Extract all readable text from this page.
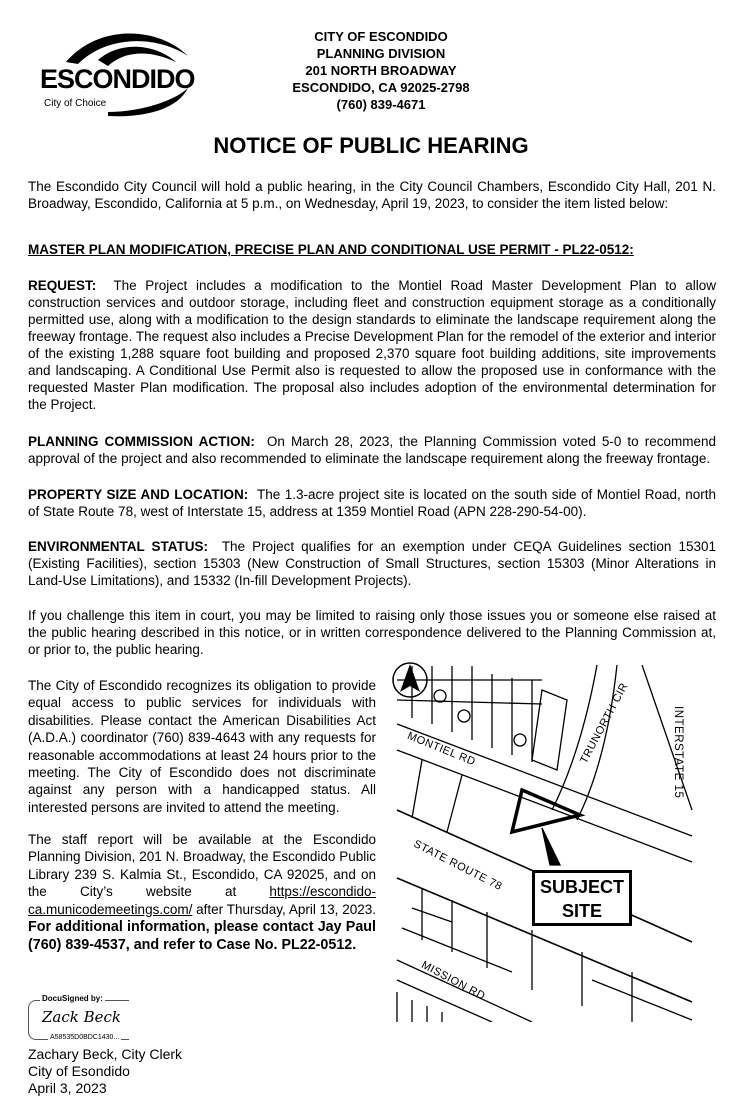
ESCONDIDO
City of Choice
CITY OF ESCONDIDO
PLANNING DIVISION
201 NORTH BROADWAY
ESCONDIDO, CA 92025-2798
(760) 839-4671
NOTICE OF PUBLIC HEARING
The Escondido City Council will hold a public hearing, in the City Council Chambers, Escondido City Hall, 201 N. Broadway, Escondido, California at 5 p.m., on Wednesday, April 19, 2023, to consider the item listed below:
MASTER PLAN MODIFICATION, PRECISE PLAN AND CONDITIONAL USE PERMIT - PL22-0512:
REQUEST: The Project includes a modification to the Montiel Road Master Development Plan to allow construction services and outdoor storage, including fleet and construction equipment storage as a conditionally permitted use, along with a modification to the design standards to eliminate the landscape requirement along the freeway frontage. The request also includes a Precise Development Plan for the remodel of the exterior and interior of the existing 1,288 square foot building and proposed 2,370 square foot building additions, site improvements and landscaping. A Conditional Use Permit also is requested to allow the proposed use in conformance with the requested Master Plan modification. The proposal also includes adoption of the environmental determination for the Project.
PLANNING COMMISSION ACTION: On March 28, 2023, the Planning Commission voted 5-0 to recommend approval of the project and also recommended to eliminate the landscape requirement along the freeway frontage.
PROPERTY SIZE AND LOCATION: The 1.3-acre project site is located on the south side of Montiel Road, north of State Route 78, west of Interstate 15, address at 1359 Montiel Road (APN 228-290-54-00).
ENVIRONMENTAL STATUS: The Project qualifies for an exemption under CEQA Guidelines section 15301 (Existing Facilities), section 15303 (New Construction of Small Structures, section 15303 (Minor Alterations in Land-Use Limitations), and 15332 (In-fill Development Projects).
If you challenge this item in court, you may be limited to raising only those issues you or someone else raised at the public hearing described in this notice, or in written correspondence delivered to the Planning Commission at, or prior to, the public hearing.
The City of Escondido recognizes its obligation to provide equal access to public services for individuals with disabilities. Please contact the American Disabilities Act (A.D.A.) coordinator (760) 839-4643 with any requests for reasonable accommodations at least 24 hours prior to the meeting. The City of Escondido does not discriminate against any person with a handicapped status. All interested persons are invited to attend the meeting.
The staff report will be available at the Escondido Planning Division, 201 N. Broadway, the Escondido Public Library 239 S. Kalmia St., Escondido, CA 92025, and on the City’s website at https://escondido-ca.municodemeetings.com/ after Thursday, April 13, 2023. For additional information, please contact Jay Paul (760) 839-4537, and refer to Case No. PL22-0512.
DocuSigned by:
Zack Beck
A58535D0BDC1430...
Zachary Beck, City Clerk
City of Esondido
April 3, 2023
MONTIEL RD	TRUNORTH CIR	INTERSTATE 15
STATE ROUTE 78
MISSION RD
SUBJECT
SITE
